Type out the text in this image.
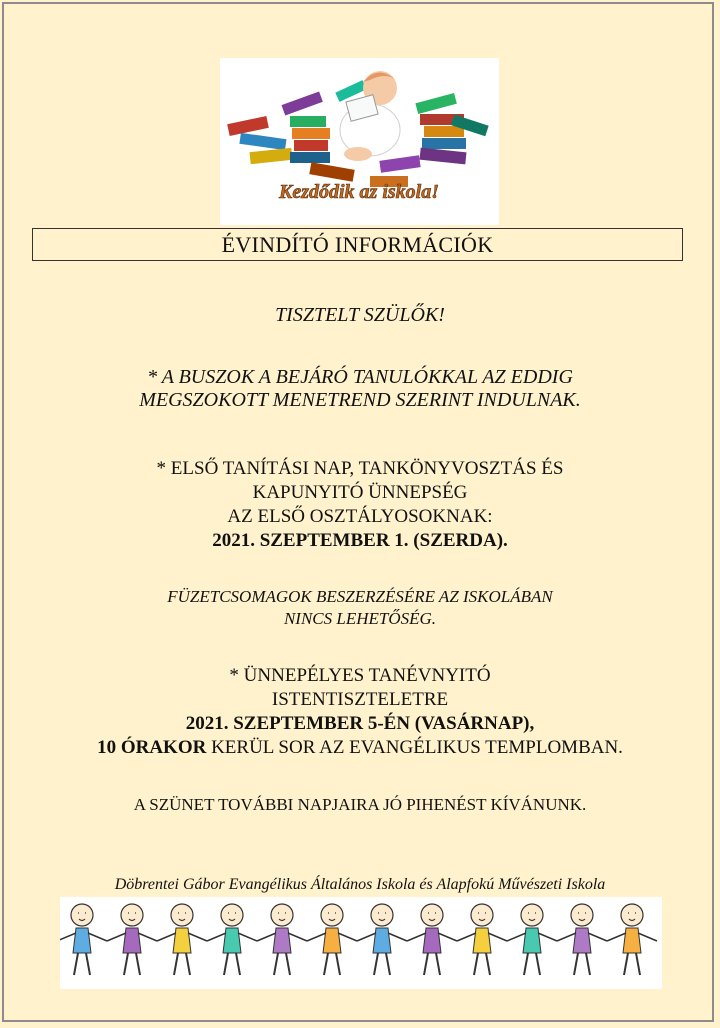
Kezdődik az iskola!
ÉVINDÍTÓ INFORMÁCIÓK

TISZTELT SZÜLŐK!

* A BUSZOK A BEJÁRÓ TANULÓKKAL AZ EDDIG
MEGSZOKOTT MENETREND SZERINT INDULNAK.

* ELSŐ TANÍTÁSI NAP, TANKÖNYVOSZTÁS ÉS
KAPUNYITÓ ÜNNEPSÉG
AZ ELSŐ OSZTÁLYOSOKNAK:
2021. SZEPTEMBER 1. (SZERDA).

FÜZETCSOMAGOK BESZERZÉSÉRE AZ ISKOLÁBAN
NINCS LEHETŐSÉG.

* ÜNNEPÉLYES TANÉVNYITÓ
ISTENTISZTELETRE
2021. SZEPTEMBER 5-ÉN (VASÁRNAP),
10 ÓRAKOR KERÜL SOR AZ EVANGÉLIKUS TEMPLOMBAN.

A SZÜNET TOVÁBBI NAPJAIRA JÓ PIHENÉST KÍVÁNUNK.

Döbrentei Gábor Evangélikus Általános Iskola és Alapfokú Művészeti Iskola
